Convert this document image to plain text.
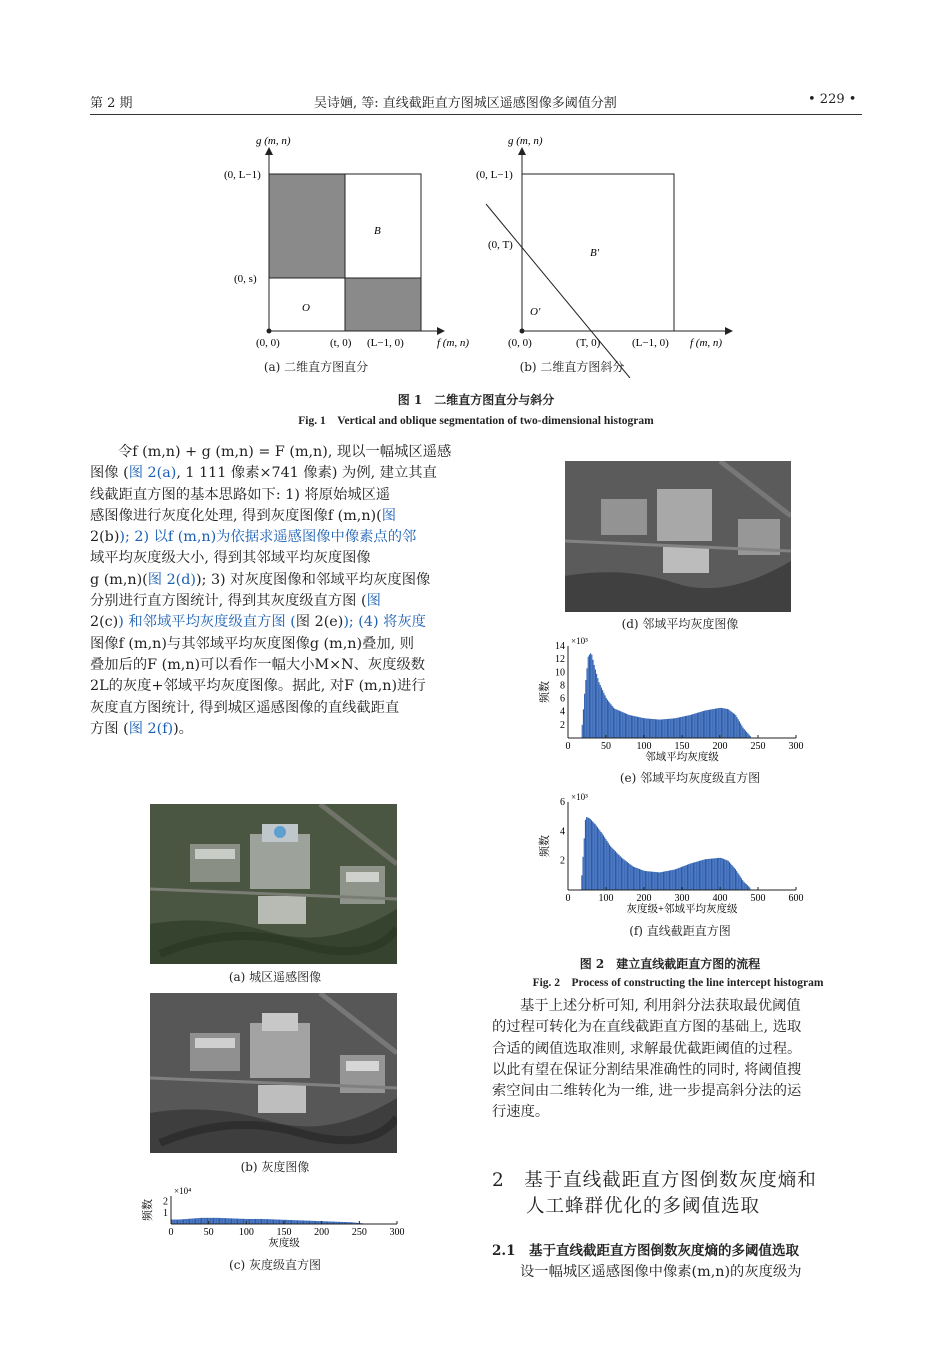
第 2 期	吴诗婳, 等: 直线截距直方图城区遥感图像多阈值分割	• 229 •
g (m, n)
(0, L−1)
(0, s)
(0, 0)	(t, 0) (L−1, 0)	f (m, n)
O
B
g (m, n)
(0, L−1)
(0, T)
(0, 0)	(T, 0)	(L−1, 0) f (m, n)
O′
B′
(a) 二维直方图直分	(b) 二维直方图斜分
图 1　二维直方图直分与斜分
Fig. 1　Vertical and oblique segmentation of two-dimensional histogram
令f (m,n) + g (m,n) = F (m,n), 现以一幅城区遥感
图像 (图 2(a), 1 111 像素×741 像素) 为例, 建立其直
线截距直方图的基本思路如下: 1) 将原始城区遥
感图像进行灰度化处理, 得到灰度图像f (m,n)(图
2(b)); 2) 以f (m,n)为依据求遥感图像中像素点的邻
域平均灰度级大小, 得到其邻域平均灰度图像
g (m,n)(图 2(d)); 3) 对灰度图像和邻域平均灰度图像
分别进行直方图统计, 得到其灰度级直方图 (图
2(c)) 和邻域平均灰度级直方图 (图 2(e)); (4) 将灰度
图像f (m,n)与其邻域平均灰度图像g (m,n)叠加, 则
叠加后的F (m,n)可以看作一幅大小M×N、灰度级数
2L的灰度+邻域平均灰度图像。据此, 对F (m,n)进行
灰度直方图统计, 得到城区遥感图像的直线截距直
方图 (图 2(f))。
(a) 城区遥感图像
(b) 灰度图像
0	50	100 150 200 250 300
1
2
×10⁴
灰度级
频数
(c) 灰度级直方图
(d) 邻域平均灰度图像
0	50	100 150 200 250 300
2
4
6
8
10
12
14 ×10³
邻域平均灰度级
频数
(e) 邻域平均灰度级直方图
0	100 200 300 400 500 600
2
4
6 ×10³
灰度级+邻域平均灰度级
频数
(f) 直线截距直方图
图 2　建立直线截距直方图的流程
Fig. 2　Process of constructing the line intercept histogram
基于上述分析可知, 利用斜分法获取最优阈值
的过程可转化为在直线截距直方图的基础上, 选取
合适的阈值选取准则, 求解最优截距阈值的过程。
以此有望在保证分割结果准确性的同时, 将阈值搜
索空间由二维转化为一维, 进一步提高斜分法的运
行速度。
2　基于直线截距直方图倒数灰度熵和
人工蜂群优化的多阈值选取
2.1　基于直线截距直方图倒数灰度熵的多阈值选取
设一幅城区遥感图像中像素(m,n)的灰度级为
